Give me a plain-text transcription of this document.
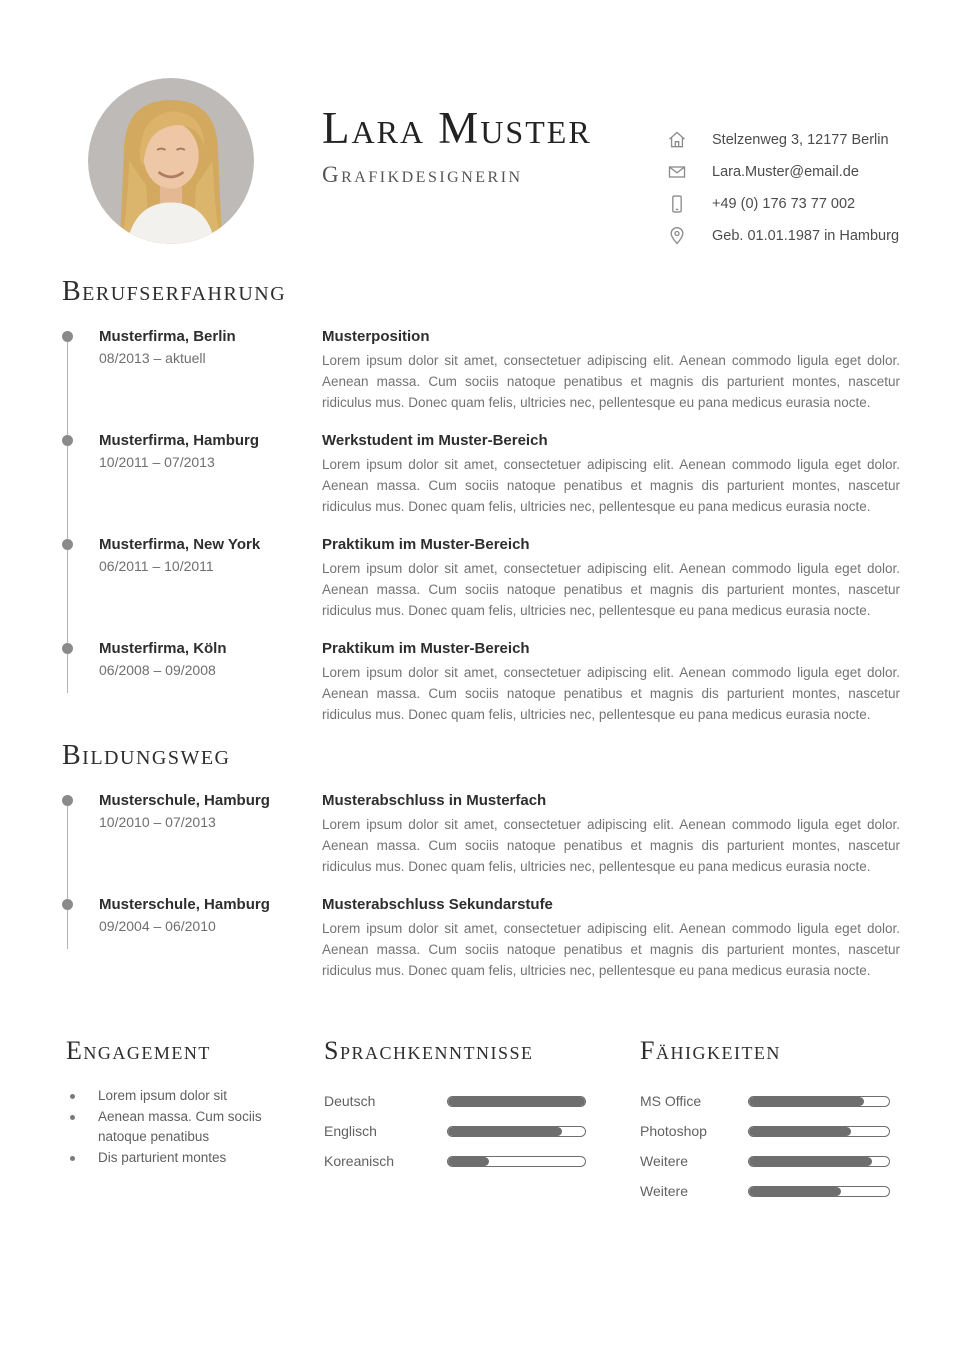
Lara Muster
Grafikdesignerin
Stelzenweg 3, 12177 Berlin
Lara.Muster@email.de
+49 (0) 176 73 77 002
Geb. 01.01.1987 in Hamburg
Berufserfahrung
Musterfirma, Berlin
08/2013 – aktuell
Musterposition

Lorem ipsum dolor sit amet, consectetuer adipiscing elit. Aenean commodo ligula eget dolor. Aenean massa. Cum sociis natoque penatibus et magnis dis parturient montes, nascetur ridiculus mus. Donec quam felis, ultricies nec, pellentesque eu pana medicus eurasia nocte.

Musterfirma, Hamburg
10/2011 – 07/2013
Werkstudent im Muster-Bereich

Lorem ipsum dolor sit amet, consectetuer adipiscing elit. Aenean commodo ligula eget dolor. Aenean massa. Cum sociis natoque penatibus et magnis dis parturient montes, nascetur ridiculus mus. Donec quam felis, ultricies nec, pellentesque eu pana medicus eurasia nocte.

Musterfirma, New York
06/2011 – 10/2011
Praktikum im Muster-Bereich

Lorem ipsum dolor sit amet, consectetuer adipiscing elit. Aenean commodo ligula eget dolor. Aenean massa. Cum sociis natoque penatibus et magnis dis parturient montes, nascetur ridiculus mus. Donec quam felis, ultricies nec, pellentesque eu pana medicus eurasia nocte.

Musterfirma, Köln
06/2008 – 09/2008
Praktikum im Muster-Bereich

Lorem ipsum dolor sit amet, consectetuer adipiscing elit. Aenean commodo ligula eget dolor. Aenean massa. Cum sociis natoque penatibus et magnis dis parturient montes, nascetur ridiculus mus. Donec quam felis, ultricies nec, pellentesque eu pana medicus eurasia nocte.

Bildungsweg
Musterschule, Hamburg
10/2010 – 07/2013
Musterabschluss in Musterfach

Lorem ipsum dolor sit amet, consectetuer adipiscing elit. Aenean commodo ligula eget dolor. Aenean massa. Cum sociis natoque penatibus et magnis dis parturient montes, nascetur ridiculus mus. Donec quam felis, ultricies nec, pellentesque eu pana medicus eurasia nocte.

Musterschule, Hamburg
09/2004 – 06/2010
Musterabschluss Sekundarstufe

Lorem ipsum dolor sit amet, consectetuer adipiscing elit. Aenean commodo ligula eget dolor. Aenean massa. Cum sociis natoque penatibus et magnis dis parturient montes, nascetur ridiculus mus. Donec quam felis, ultricies nec, pellentesque eu pana medicus eurasia nocte.

Engagement
Lorem ipsum dolor sit
Aenean massa. Cum sociis natoque penatibus
Dis parturient montes
Sprachkenntnisse
Deutsch
Englisch
Koreanisch
Fähigkeiten
MS Office
Photoshop
Weitere
Weitere
